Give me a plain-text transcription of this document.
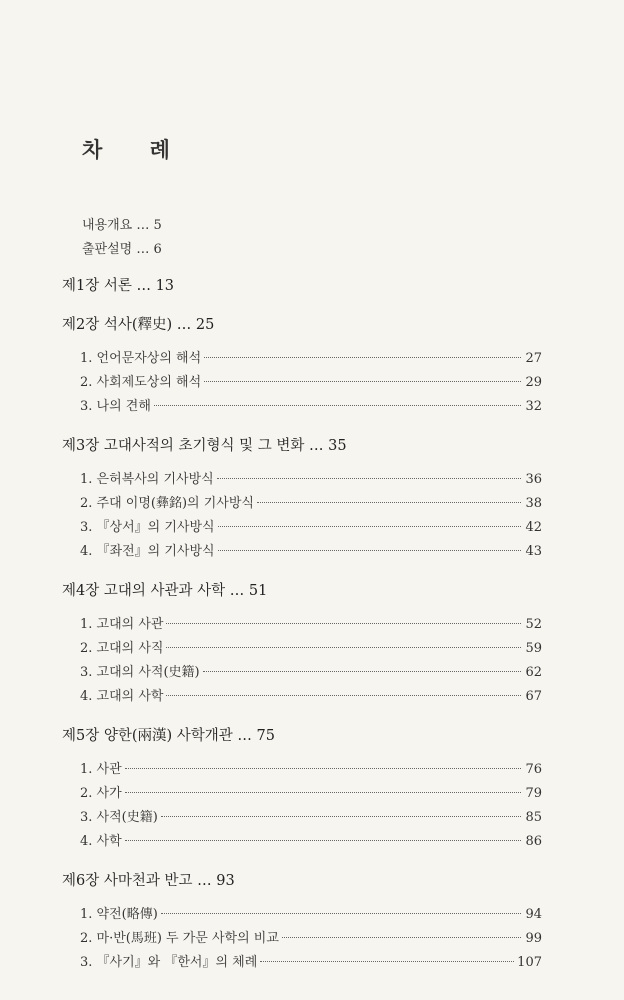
차 례
내용개요 … 5
출판설명 … 6
제1장 서론 … 13
제2장 석사(釋史) … 25
1. 언어문자상의 해석	27
2. 사회제도상의 해석	29
3. 나의 견해	32
제3장 고대사적의 초기형식 및 그 변화 … 35
1. 은허복사의 기사방식	36
2. 주대 이명(彝銘)의 기사방식	38
3. 『상서』의 기사방식	42
4. 『좌전』의 기사방식	43
제4장 고대의 사관과 사학 … 51
1. 고대의 사관	52
2. 고대의 사직	59
3. 고대의 사적(史籍)	62
4. 고대의 사학	67
제5장 양한(兩漢) 사학개관 … 75
1. 사관	76
2. 사가	79
3. 사적(史籍)	85
4. 사학	86
제6장 사마천과 반고 … 93
1. 약전(略傳)	94
2. 마·반(馬班) 두 가문 사학의 비교	99
3. 『사기』와 『한서』의 체례	107
